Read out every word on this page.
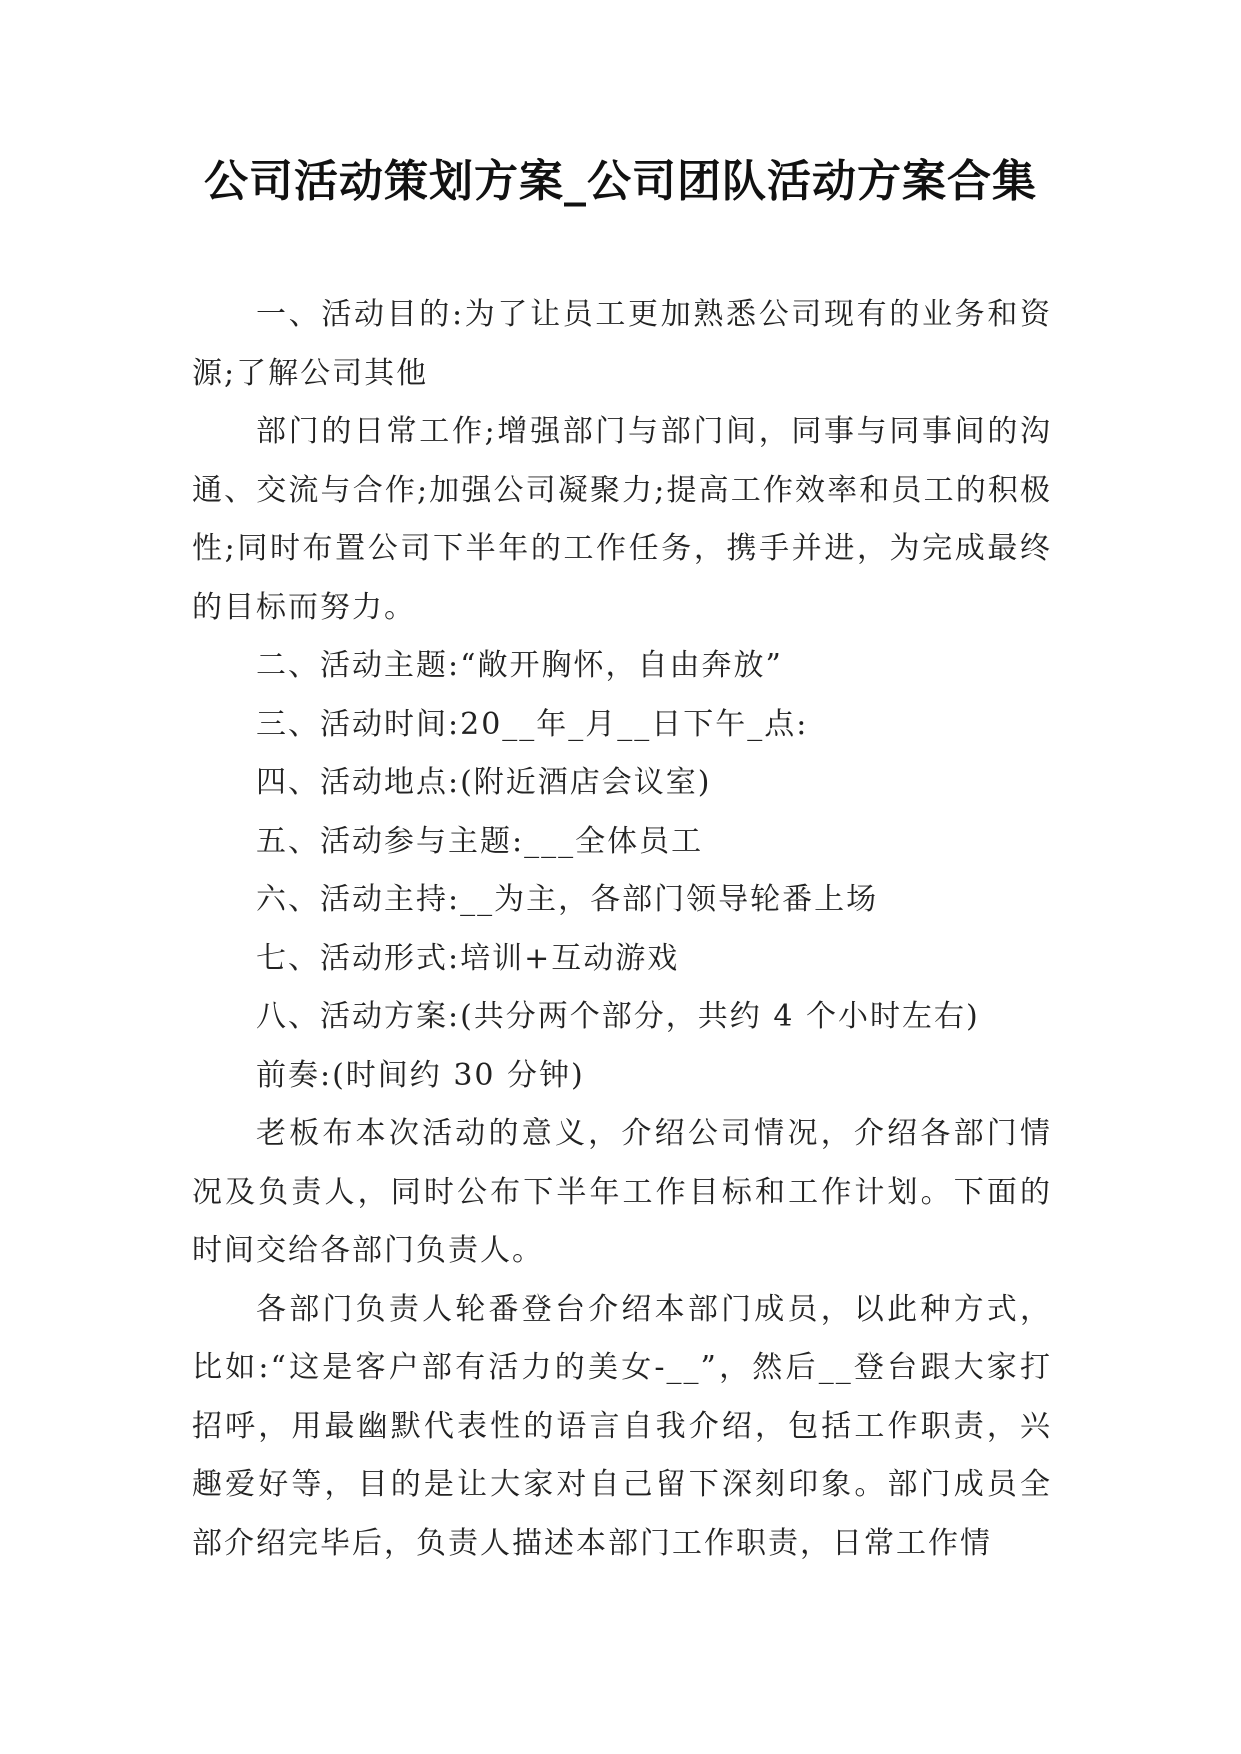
公司活动策划方案_公司团队活动方案合集

一、活动目的:为了让员工更加熟悉公司现有的业务和资源;了解公司其他

部门的日常工作;增强部门与部门间，同事与同事间的沟通、交流与合作;加强公司凝聚力;提高工作效率和员工的积极性;同时布置公司下半年的工作任务，携手并进，为完成最终的目标而努力。

二、活动主题:“敞开胸怀，自由奔放”

三、活动时间:20__年_月__日下午_点:

四、活动地点:(附近酒店会议室)

五、活动参与主题:___全体员工

六、活动主持:__为主，各部门领导轮番上场

七、活动形式:培训+互动游戏

八、活动方案:(共分两个部分，共约 4 个小时左右)

前奏:(时间约 30 分钟)

老板布本次活动的意义，介绍公司情况，介绍各部门情况及负责人，同时公布下半年工作目标和工作计划。下面的时间交给各部门负责人。

各部门负责人轮番登台介绍本部门成员，以此种方式，比如:“这是客户部有活力的美女-__”，然后__登台跟大家打招呼，用最幽默代表性的语言自我介绍，包括工作职责，兴趣爱好等，目的是让大家对自己留下深刻印象。部门成员全部介绍完毕后，负责人描述本部门工作职责，日常工作情
